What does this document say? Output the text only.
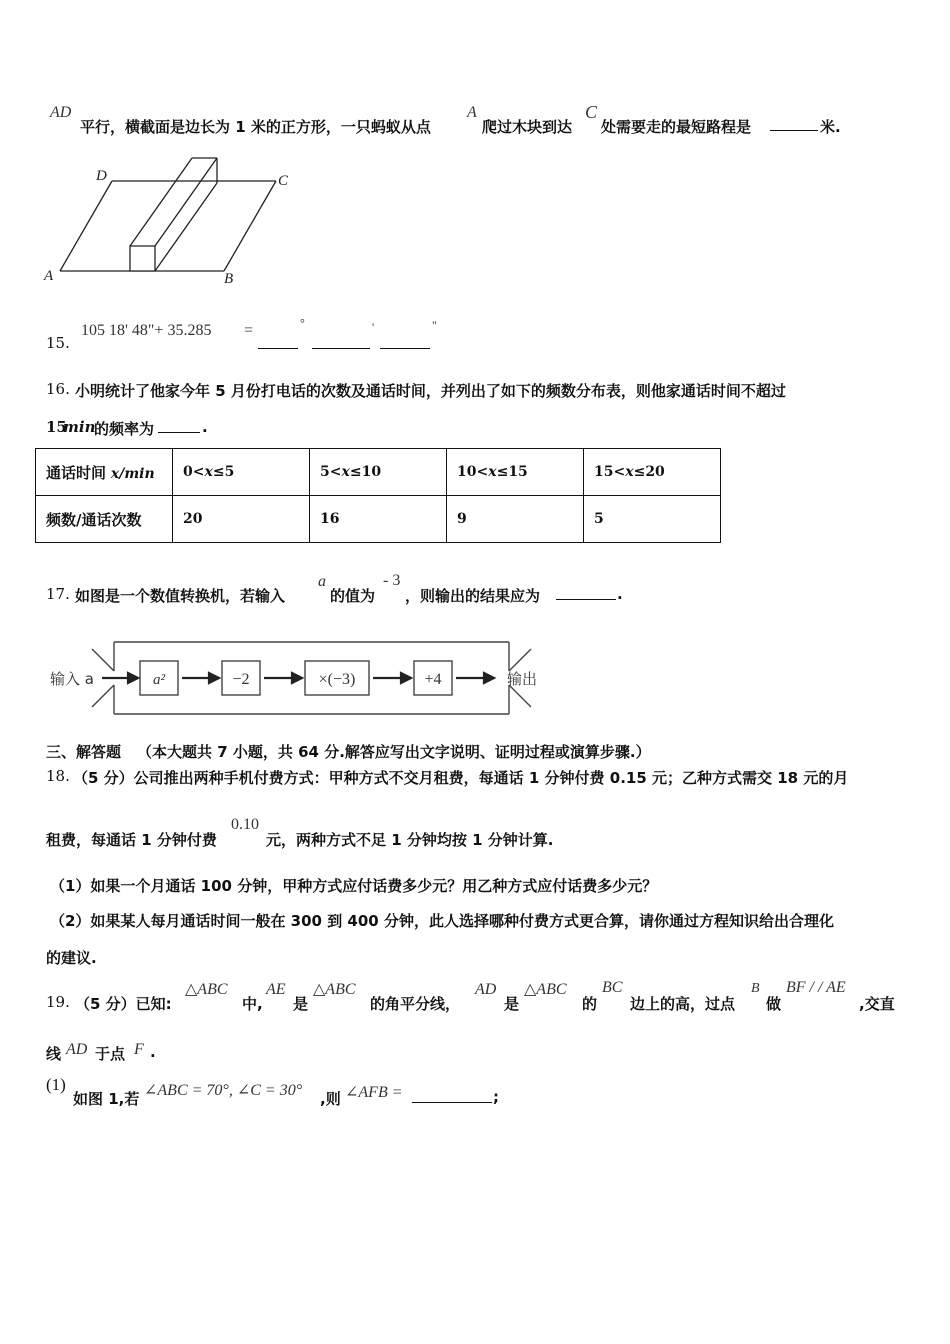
AD
平行，横截面是边长为 1 米的正方形，一只蚂蚁从点
A
爬过木块到达
C
处需要走的最短路程是	米.
D	C
A	B
15.
105 18' 48"+ 35.285 =	°	'	"
16. 小明统计了他家今年 5 月份打电话的次数及通话时间，并列出了如下的频数分布表，则他家通话时间不超过
15
min
的频率为	.
通话时间 x/min	0<x≤5	5<x≤10	10<x≤15	15<x≤20
频数/通话次数	20	16	9	5
17. 如图是一个数值转换机，若输入
a
的值为
- 3
，则输出的结果应为	.
输入 a	a²	−2	×(−3)	+4	输出
三、解答题 （本大题共 7 小题，共 64 分.解答应写出文字说明、证明过程或演算步骤.）
18. （5 分）公司推出两种手机付费方式：甲种方式不交月租费，每通话 1 分钟付费 0.15 元；乙种方式需交 18 元的月
租费，每通话 1 分钟付费
0.10
元，两种方式不足 1 分钟均按 1 分钟计算.
（1）如果一个月通话 100 分钟，甲种方式应付话费多少元？用乙种方式应付话费多少元？
（2）如果某人每月通话时间一般在 300 到 400 分钟，此人选择哪种付费方式更合算，请你通过方程知识给出合理化
的建议.
19. （5 分）已知:
△ABC
中,
AE
是
△ABC
的角平分线，
AD
是
△ABC
的
BC
边上的高，过点
B
做
BF / / AE
,交直
线 AD 于点 F .
(1)
如图 1,若 ∠ABC = 70°, ∠C = 30° ,则 ∠AFB =	;
